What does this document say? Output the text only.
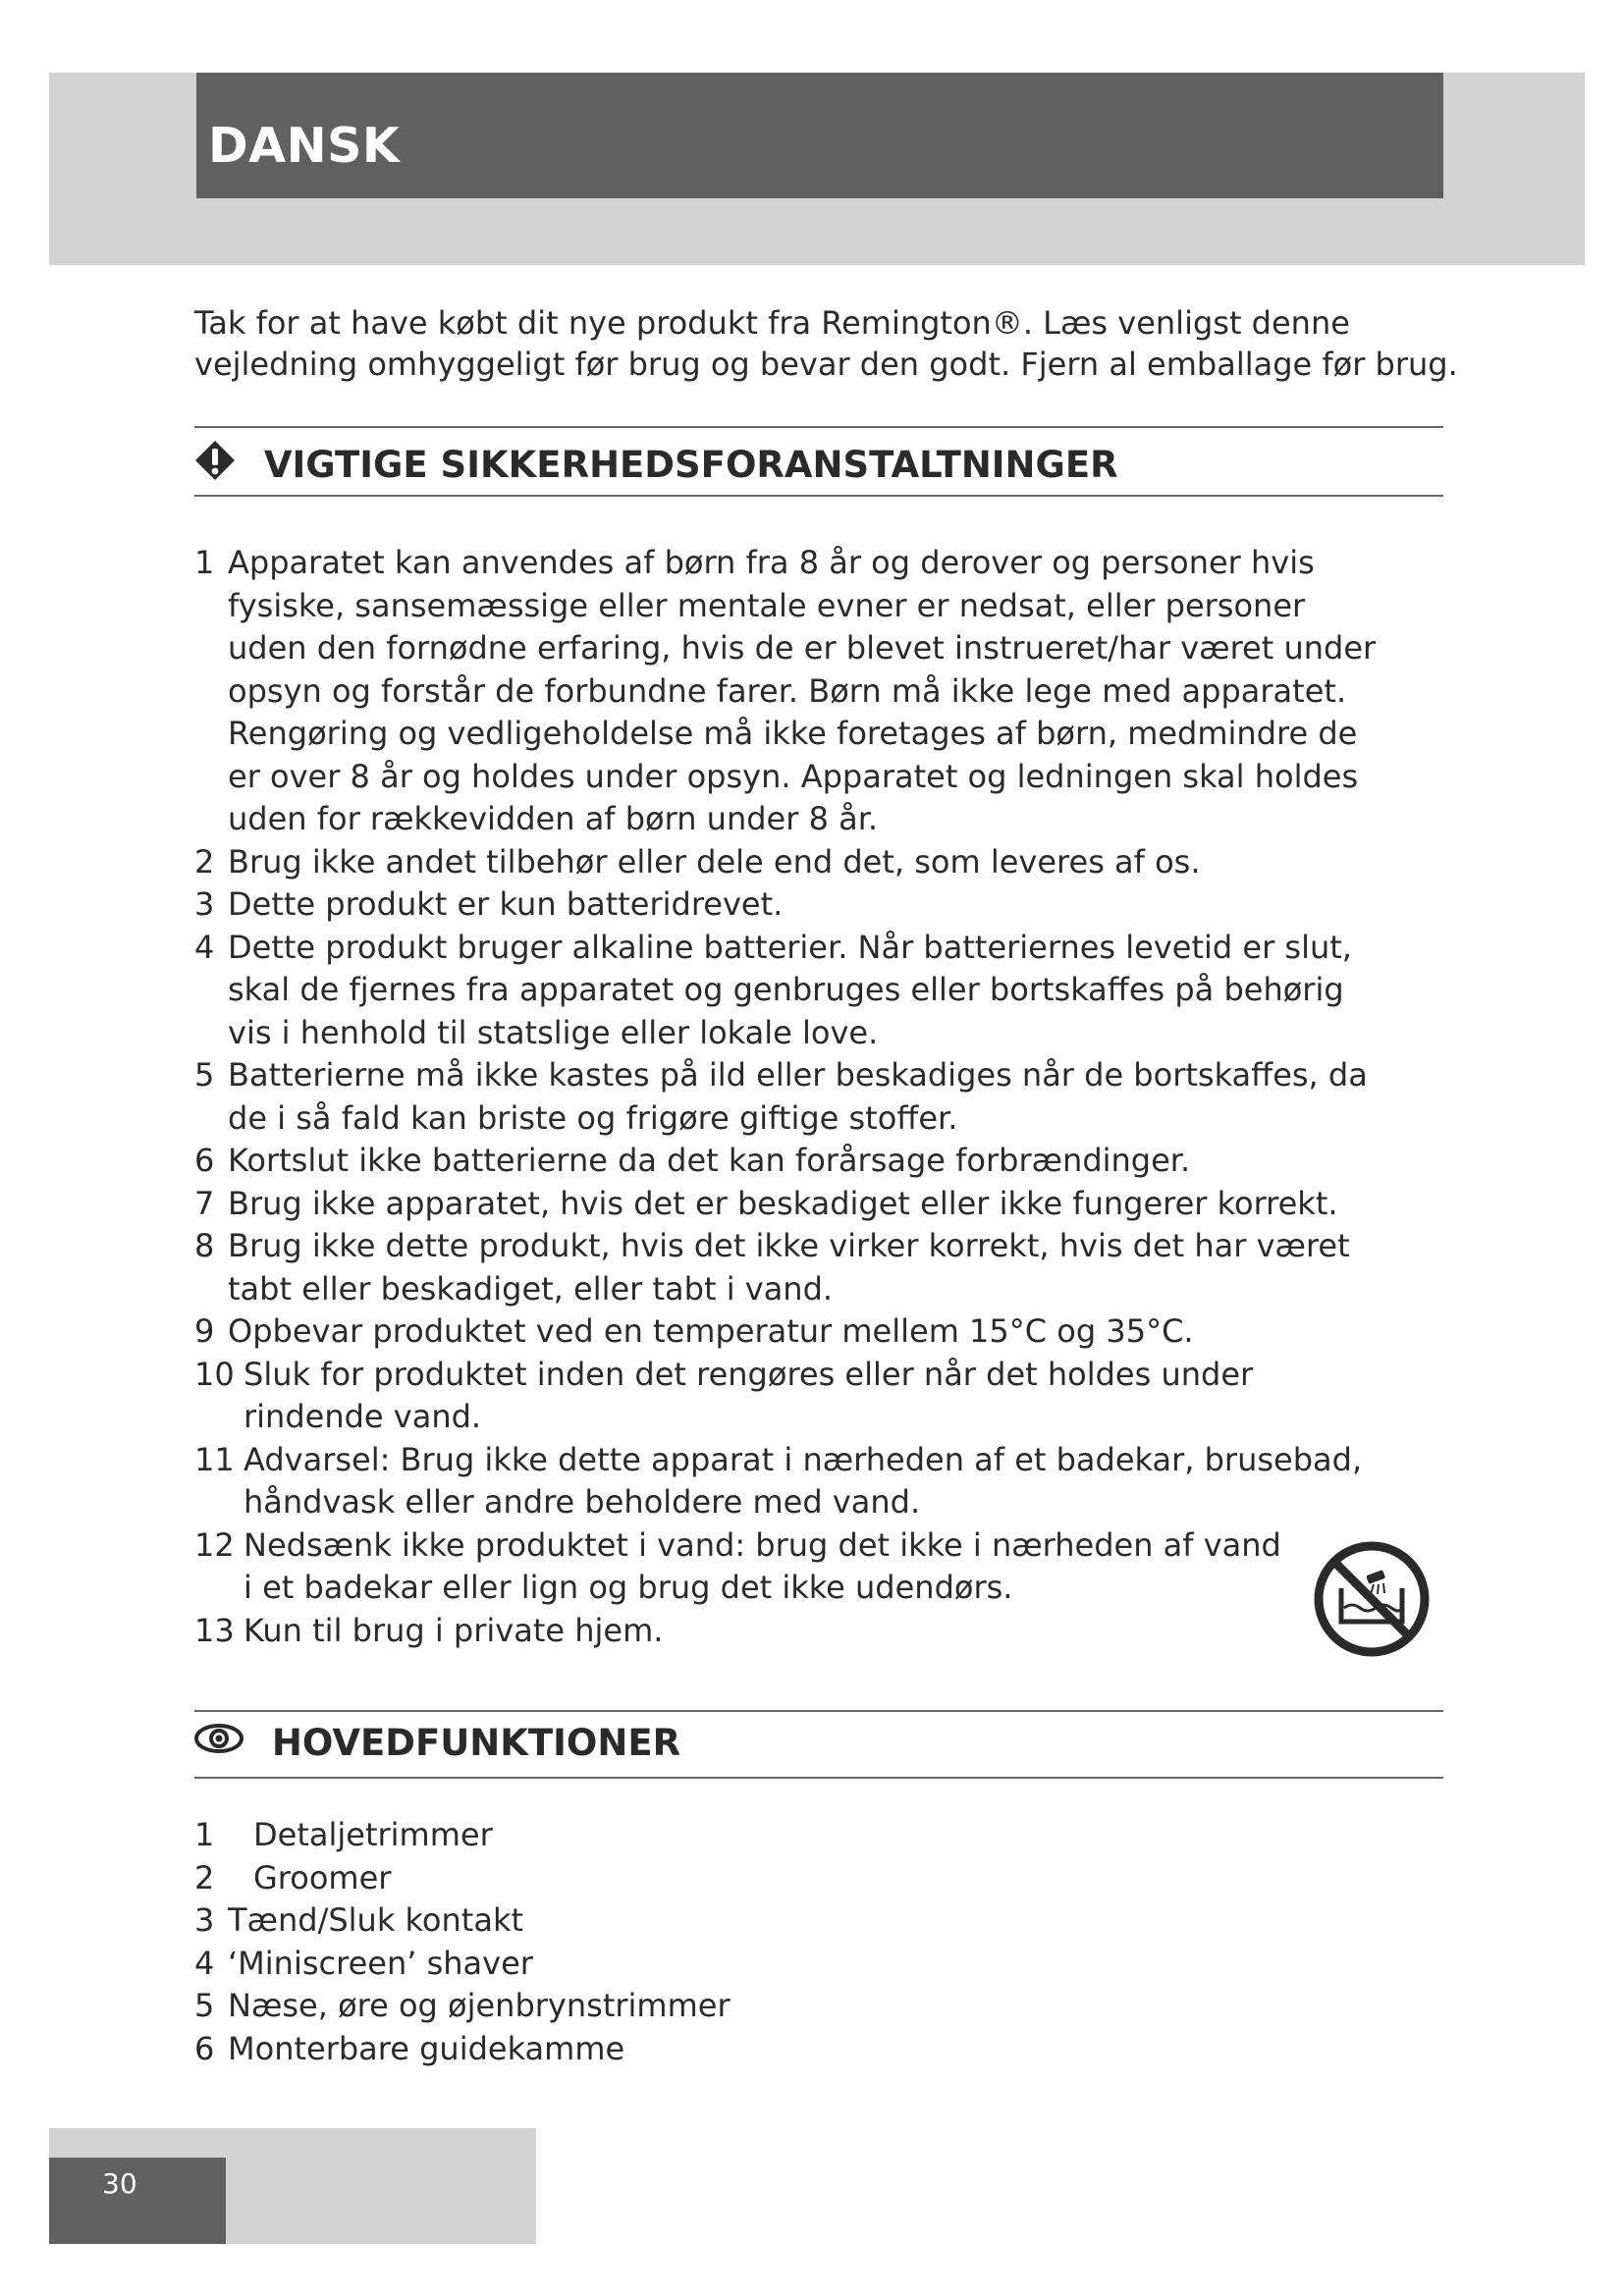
DANSK

Tak for at have købt dit nye produkt fra Remington®. Læs venligst denne

vejledning omhyggeligt før brug og bevar den godt. Fjern al emballage før brug.

VIGTIGE SIKKERHEDSFORANSTALTNINGER
1 Apparatet kan anvendes af børn fra 8 år og derover og personer hvis fysiske, sansemæssige eller mentale evner er nedsat, eller personer uden den fornødne erfaring, hvis de er blevet instrueret/har været under opsyn og forstår de forbundne farer. Børn må ikke lege med apparatet. Rengøring og vedligeholdelse må ikke foretages af børn, medmindre de er over 8 år og holdes under opsyn. Apparatet og ledningen skal holdes uden for rækkevidden af børn under 8 år.
2 Brug ikke andet tilbehør eller dele end det, som leveres af os.
3 Dette produkt er kun batteridrevet.
4 Dette produkt bruger alkaline batterier. Når batteriernes levetid er slut, skal de fjernes fra apparatet og genbruges eller bortskaffes på behørig vis i henhold til statslige eller lokale love.
5 Batterierne må ikke kastes på ild eller beskadiges når de bortskaffes, da de i så fald kan briste og frigøre giftige stoffer.
6 Kortslut ikke batterierne da det kan forårsage forbrændinger.
7 Brug ikke apparatet, hvis det er beskadiget eller ikke fungerer korrekt.
8 Brug ikke dette produkt, hvis det ikke virker korrekt, hvis det har været tabt eller beskadiget, eller tabt i vand.
9 Opbevar produktet ved en temperatur mellem 15°C og 35°C.
10 Sluk for produktet inden det rengøres eller når det holdes under rindende vand.
11 Advarsel: Brug ikke dette apparat i nærheden af et badekar, brusebad, håndvask eller andre beholdere med vand.
12 Nedsænk ikke produktet i vand: brug det ikke i nærheden af vand i et badekar eller lign og brug det ikke udendørs.
13 Kun til brug i private hjem.
HOVEDFUNKTIONER
1 Detaljetrimmer
2 Groomer
3 Tænd/Sluk kontakt
4 ‘Miniscreen’ shaver
5 Næse, øre og øjenbrynstrimmer
6 Monterbare guidekamme
30
